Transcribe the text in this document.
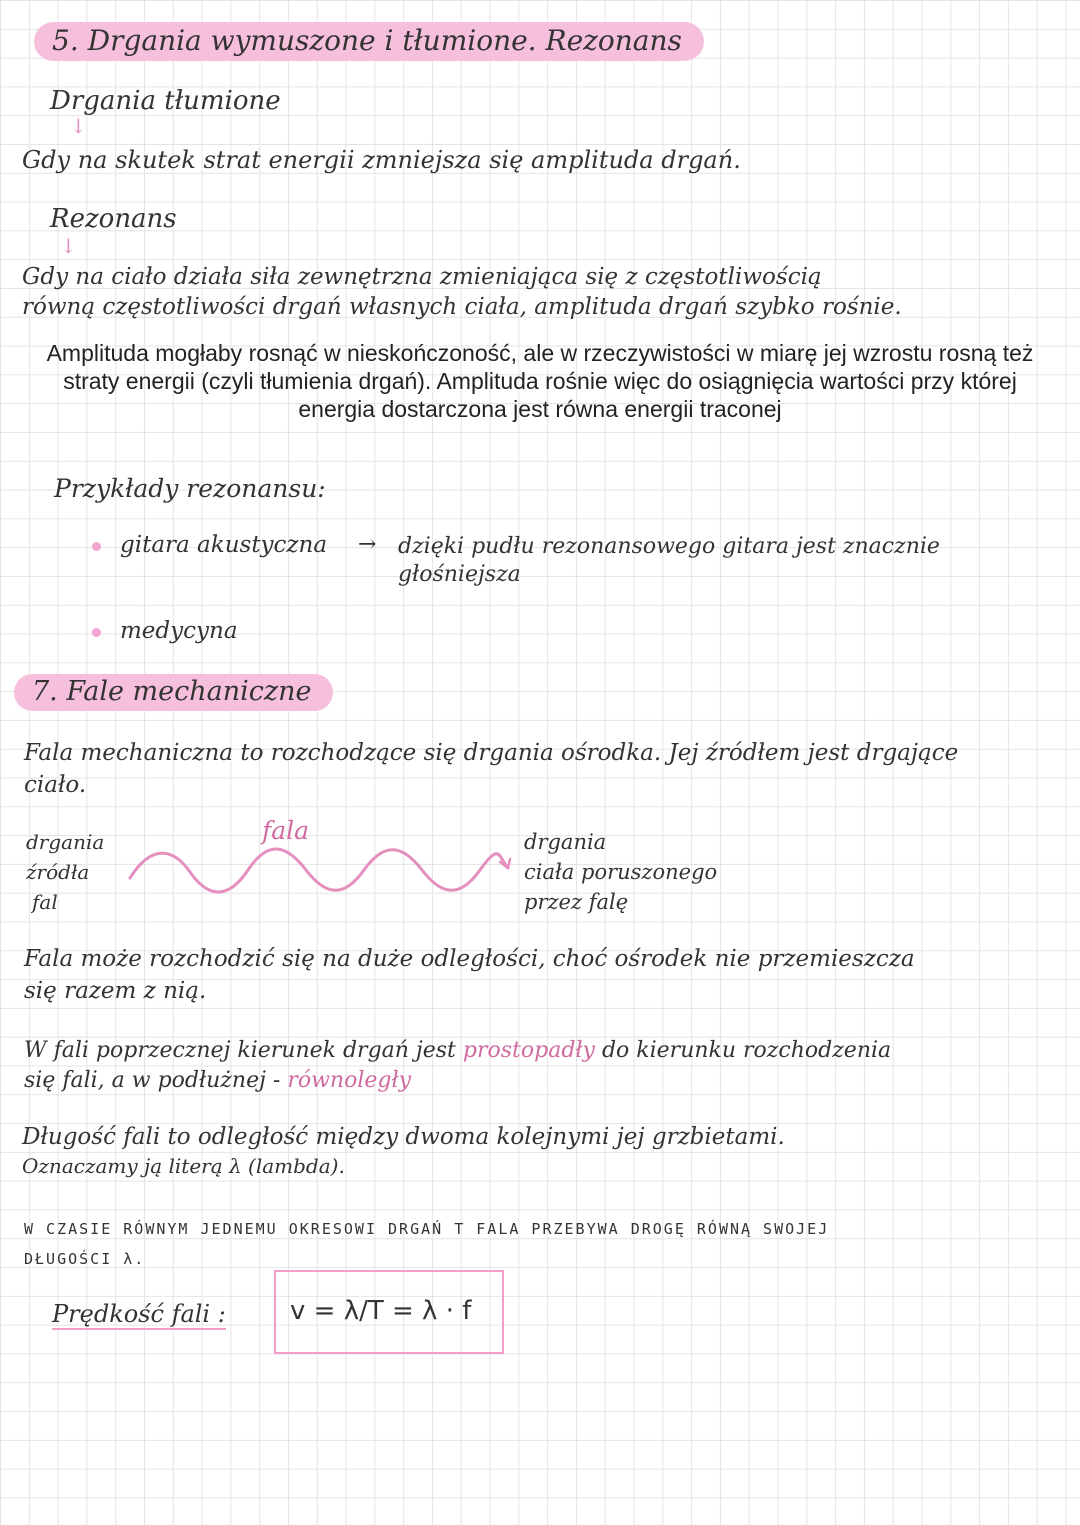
5. Drgania wymuszone i tłumione. Rezonans
Drgania tłumione
↓
Gdy na skutek strat energii zmniejsza się amplituda drgań.
Rezonans
↓
Gdy na ciało działa siła zewnętrzna zmieniająca się z częstotliwością
równą częstotliwości drgań własnych ciała, amplituda drgań szybko rośnie.
Amplituda mogłaby rosnąć w nieskończoność, ale w rzeczywistości w miarę jej wzrostu rosną też
straty energii (czyli tłumienia drgań). Amplituda rośnie więc do osiągnięcia wartości przy której
energia dostarczona jest równa energii traconej
Przykłady rezonansu:
gitara akustyczna → dzięki pudłu rezonansowego gitara jest znacznie
głośniejsza
medycyna
7. Fale mechaniczne
Fala mechaniczna to rozchodzące się drgania ośrodka. Jej źródłem jest drgające
ciało.
drgania
źródła
fal
fala	drgania
ciała poruszonego
przez falę
Fala może rozchodzić się na duże odległości, choć ośrodek nie przemieszcza
się razem z nią.
W fali poprzecznej kierunek drgań jest prostopadły do kierunku rozchodzenia
się fali, a w podłużnej - równoległy
Długość fali to odległość między dwoma kolejnymi jej grzbietami.
Oznaczamy ją literą λ (lambda).
W CZASIE RÓWNYM JEDNEMU OKRESOWI DRGAŃ T FALA PRZEBYWA DROGĘ RÓWNĄ SWOJEJ
DŁUGOŚCI λ.
Prędkość fali : v = λ/T = λ · f
